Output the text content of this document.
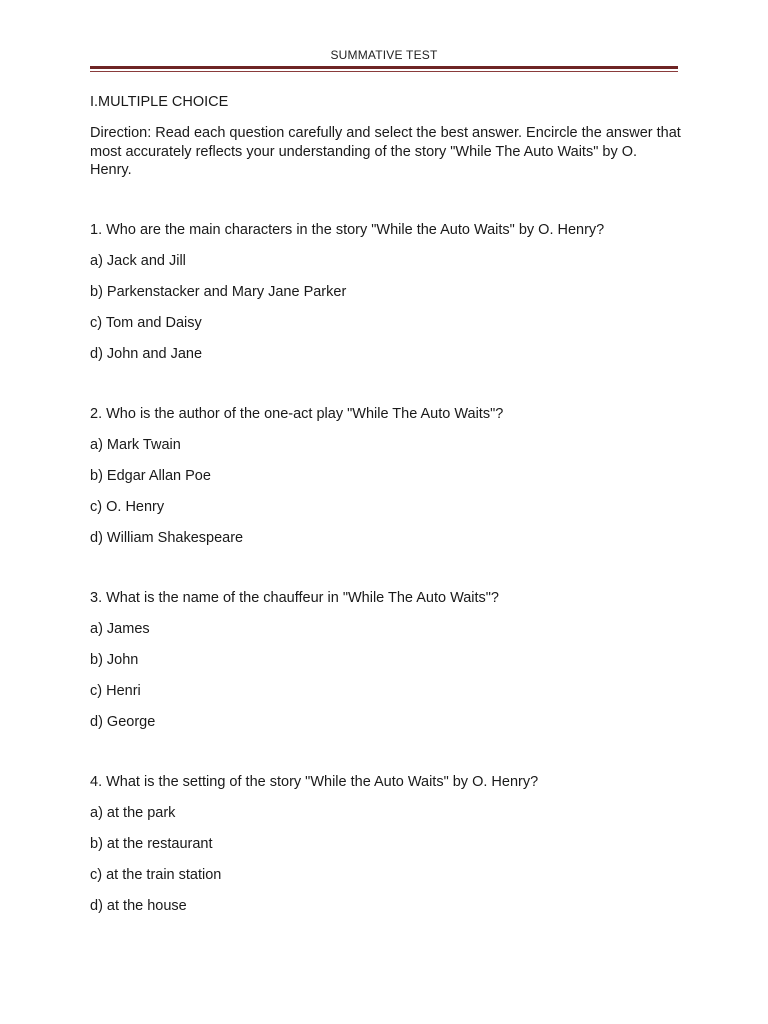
SUMMATIVE TEST

I.MULTIPLE CHOICE

Direction: Read each question carefully and select the best answer. Encircle the answer that most accurately reflects your understanding of the story "While The Auto Waits" by O. Henry.

1. Who are the main characters in the story "While the Auto Waits" by O. Henry?

a) Jack and Jill

b) Parkenstacker and Mary Jane Parker

c) Tom and Daisy

d) John and Jane

2. Who is the author of the one-act play "While The Auto Waits"?

a) Mark Twain

b) Edgar Allan Poe

c) O. Henry

d) William Shakespeare

3. What is the name of the chauffeur in "While The Auto Waits"?

a) James

b) John

c) Henri

d) George

4. What is the setting of the story "While the Auto Waits" by O. Henry?

a) at the park

b) at the restaurant

c) at the train station

d) at the house
